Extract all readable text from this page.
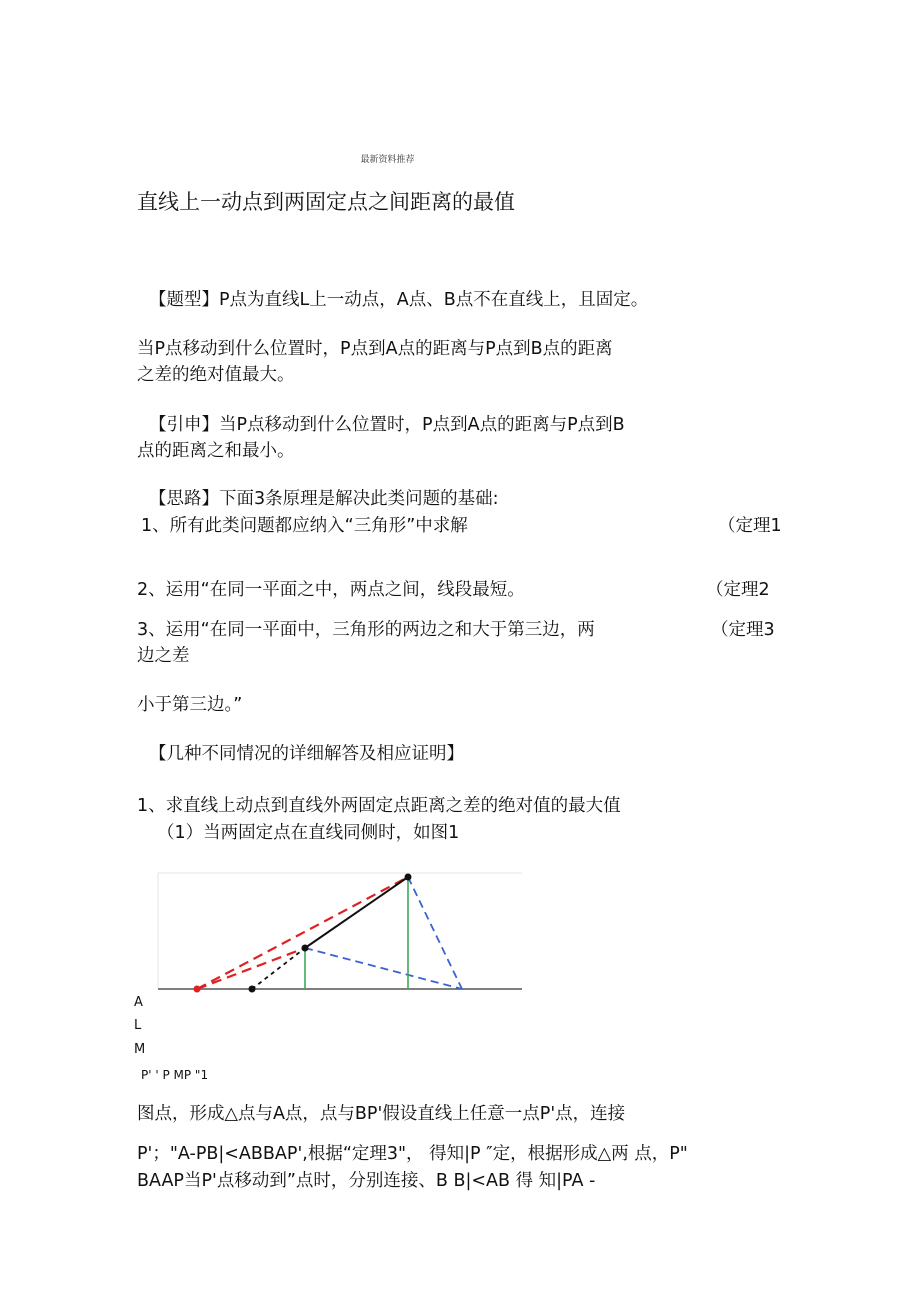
最新资料推荐
直线上一动点到两固定点之间距离的最值
【题型】P点为直线L上一动点，A点、B点不在直线上，且固定。
当P点移动到什么位置时，P点到A点的距离与P点到B点的距离
之差的绝对值最大。
【引申】当P点移动到什么位置时，P点到A点的距离与P点到B
点的距离之和最小。
【思路】下面3条原理是解决此类问题的基础:
1、所有此类问题都应纳入“三角形”中求解	（定理1
2、运用“在同一平面之中，两点之间，线段最短。	（定理2
3、运用“在同一平面中，三角形的两边之和大于第三边，两	（定理3
边之差
小于第三边。”
【几种不同情况的详细解答及相应证明】
1、求直线上动点到直线外两固定点距离之差的绝对值的最大值
（1）当两固定点在直线同侧时，如图1
A
L
M
P' ' P MP "1
图点，形成△点与A点，点与BP'假设直线上任意一点P'点，连接
P'；"A-PB|<ABBAP',根据“定理3"， 得知|P ″定，根据形成△两 点，P"
BAAP当P'点移动到”点时，分别连接、B B|<AB 得 知|PA -
